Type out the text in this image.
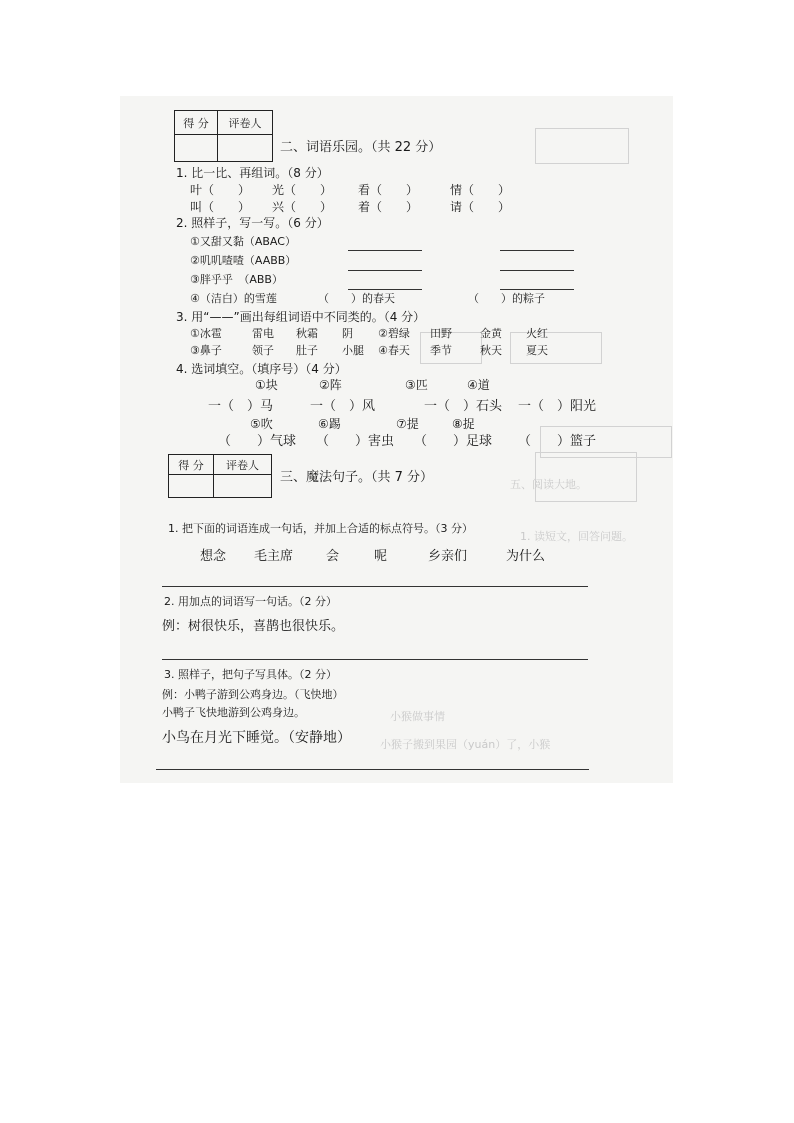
五、阅读大地。
1. 读短文，回答问题。
小猴做事情
小猴子搬到果园（yuán）了，小猴
得 分	评卷人

二、词语乐园。（共 22 分）
1. 比一比、再组词。（8 分）
叶（　　）	光（　　）	看（　　）	情（　　）
叫（　　）	兴（　　）	着（　　）	请（　　）
2. 照样子，写一写。（6 分）
①又甜又黏（ABAC）
②叽叽喳喳（AABB）
③胖乎乎　（ABB）
④（洁白）的雪莲	（　　）的春天	（　　）的粽子
3. 用“——”画出每组词语中不同类的。（4 分）
①冰雹	雷电	秋霜	阴	②碧绿	田野	金黄	火红
③鼻子	领子	肚子	小腿	④春天	季节	秋天	夏天
4. 选词填空。（填序号）（4 分）
①块	②阵	③匹	④道
一（　）马	一（　）风	一（　）石头	一（　）阳光
⑤吹	⑥踢	⑦提	⑧捉
（　　）气球	（　　）害虫	（　　）足球	（　　）篮子
得 分	评卷人

三、魔法句子。（共 7 分）
1. 把下面的词语连成一句话，并加上合适的标点符号。（3 分）
想念	毛主席	会	呢	乡亲们	为什么
2. 用加点的词语写一句话。（2 分）
例：树很快乐，喜鹊也很快乐。
3. 照样子，把句子写具体。（2 分）
例：小鸭子游到公鸡身边。（飞快地）
小鸭子飞快地游到公鸡身边。
小鸟在月光下睡觉。（安静地）
